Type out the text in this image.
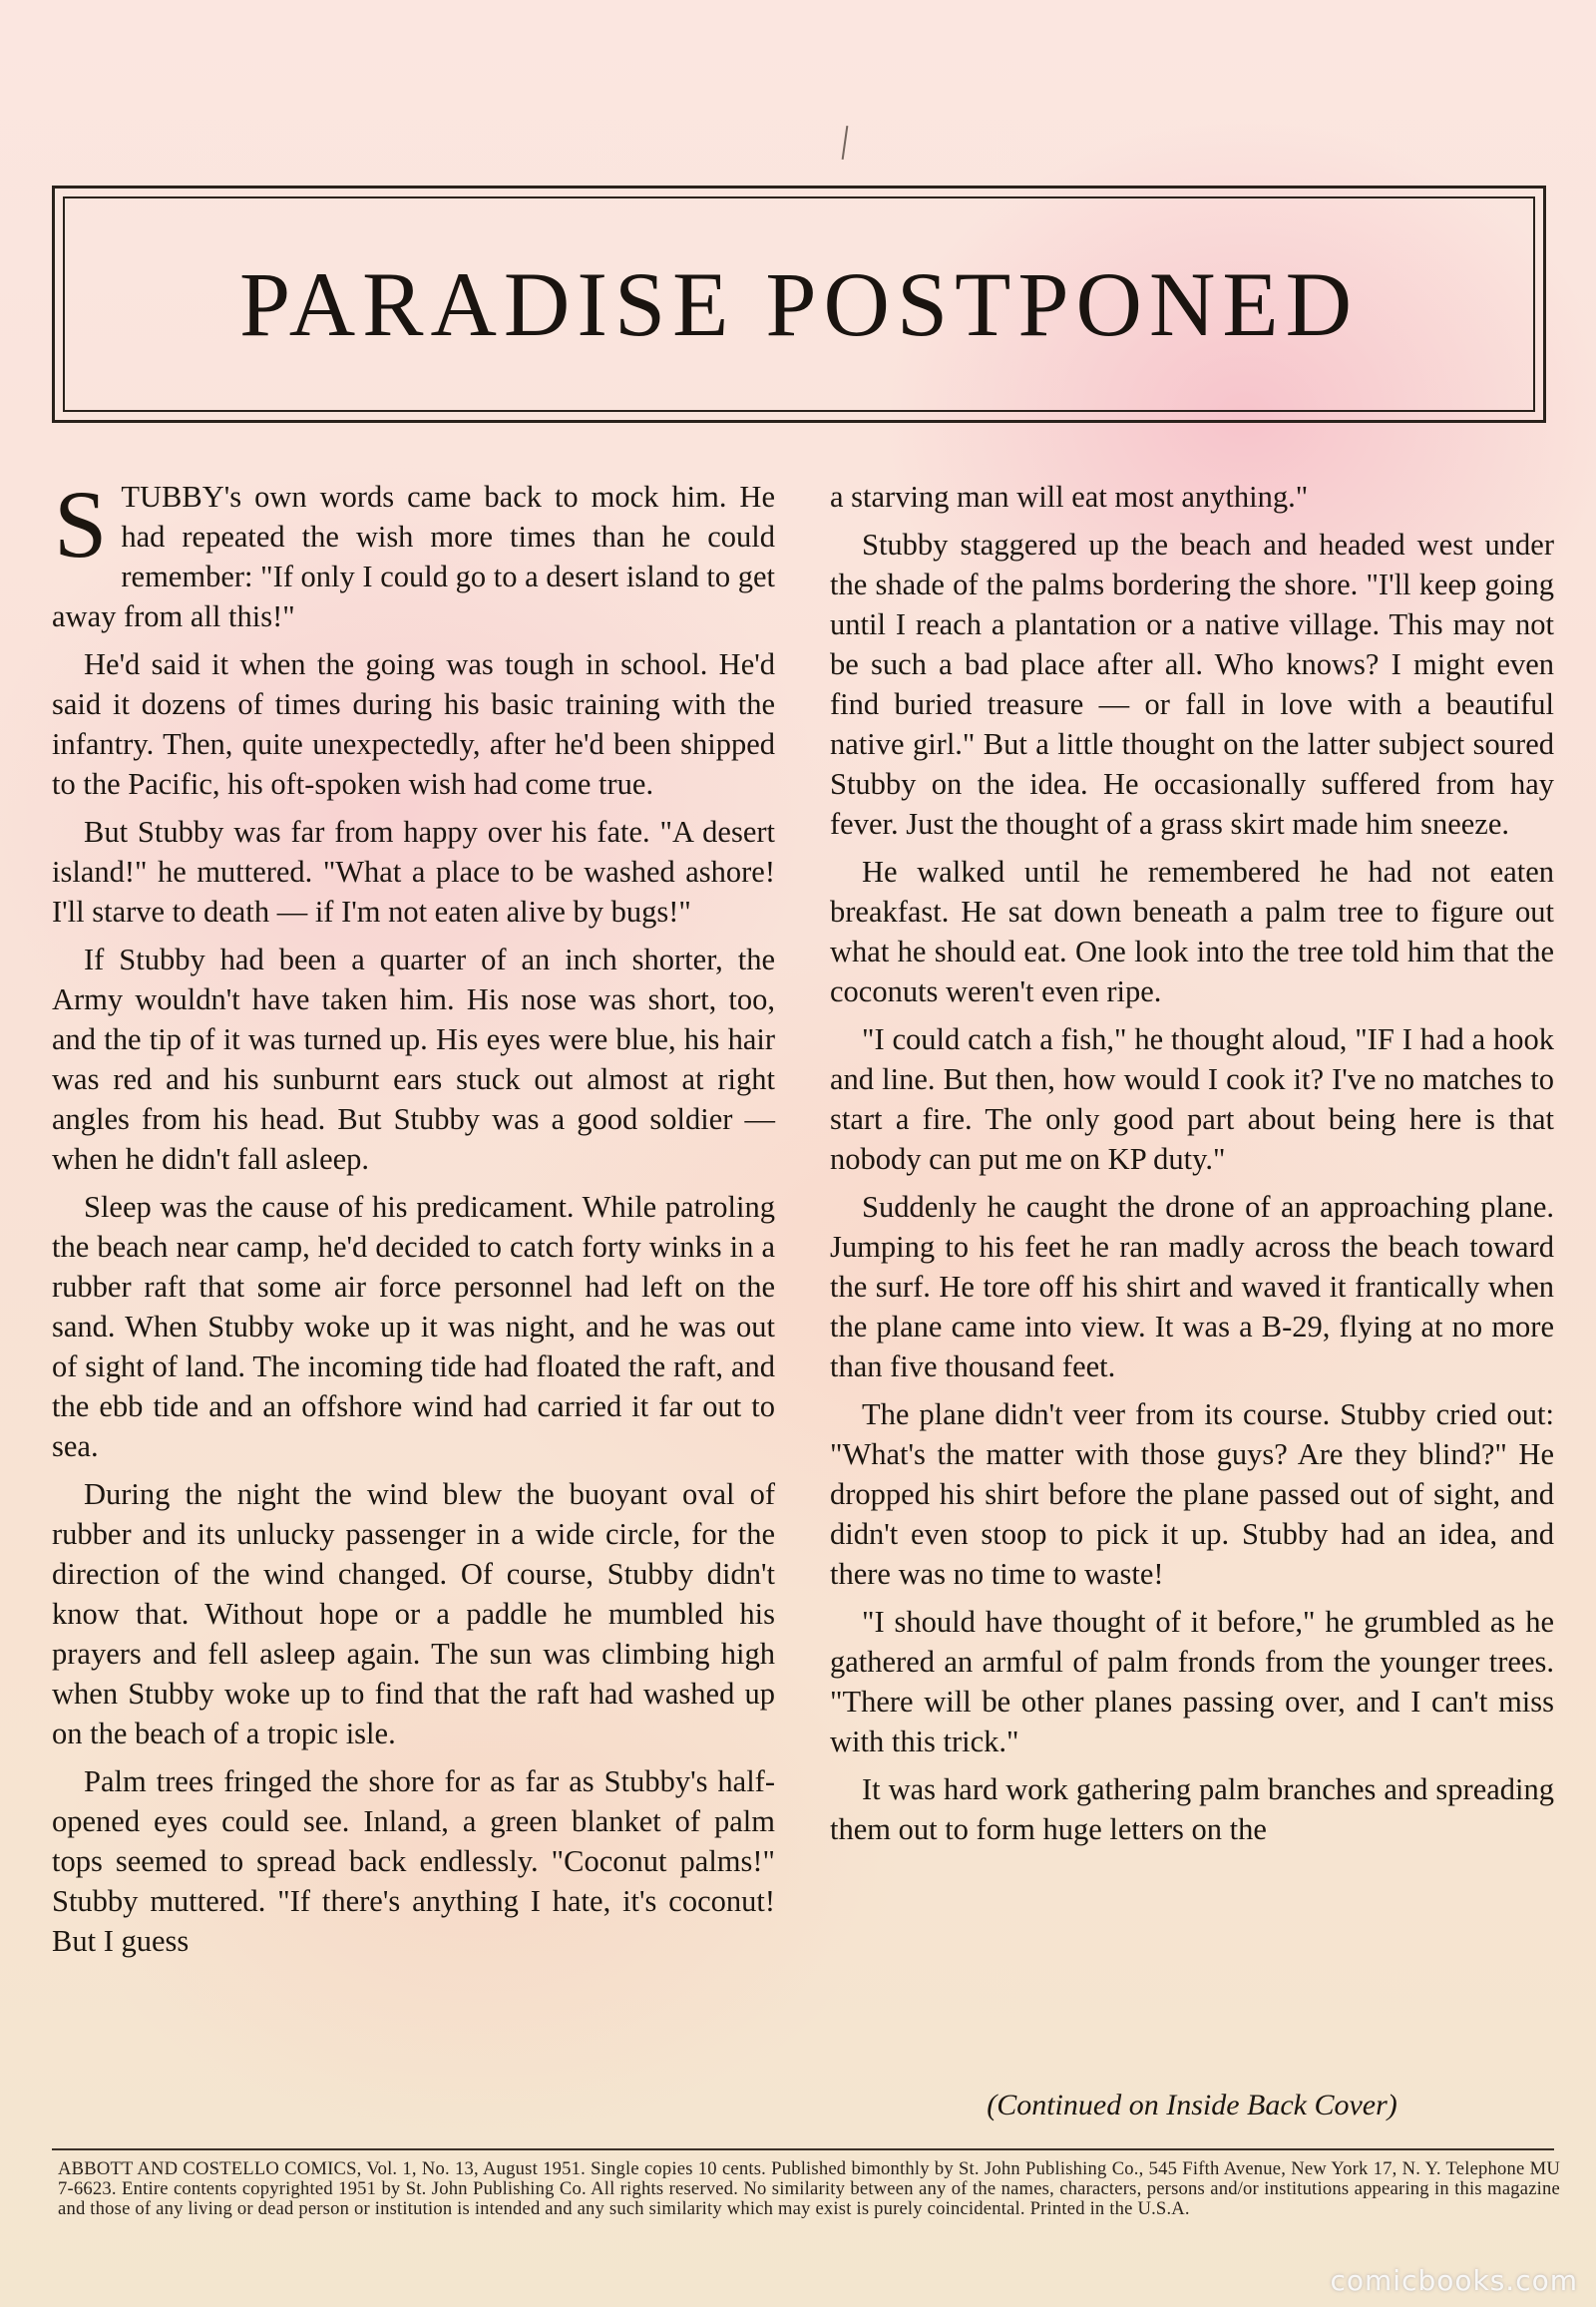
PARADISE POSTPONED

STUBBY's own words came back to mock him. He had repeated the wish more times than he could remember: "If only I could go to a desert island to get away from all this!"

He'd said it when the going was tough in school. He'd said it dozens of times during his basic training with the infantry. Then, quite unexpectedly, after he'd been shipped to the Pacific, his oft-spoken wish had come true.

But Stubby was far from happy over his fate. "A desert island!" he muttered. "What a place to be washed ashore! I'll starve to death — if I'm not eaten alive by bugs!"

If Stubby had been a quarter of an inch shorter, the Army wouldn't have taken him. His nose was short, too, and the tip of it was turned up. His eyes were blue, his hair was red and his sunburnt ears stuck out almost at right angles from his head. But Stubby was a good soldier — when he didn't fall asleep.

Sleep was the cause of his predicament. While patroling the beach near camp, he'd decided to catch forty winks in a rubber raft that some air force personnel had left on the sand. When Stubby woke up it was night, and he was out of sight of land. The incoming tide had floated the raft, and the ebb tide and an offshore wind had carried it far out to sea.

During the night the wind blew the buoyant oval of rubber and its unlucky passenger in a wide circle, for the direction of the wind changed. Of course, Stubby didn't know that. Without hope or a paddle he mumbled his prayers and fell asleep again. The sun was climbing high when Stubby woke up to find that the raft had washed up on the beach of a tropic isle.

Palm trees fringed the shore for as far as Stubby's half-opened eyes could see. Inland, a green blanket of palm tops seemed to spread back endlessly. "Coconut palms!" Stubby muttered. "If there's anything I hate, it's coconut! But I guess

a starving man will eat most anything."

Stubby staggered up the beach and headed west under the shade of the palms bordering the shore. "I'll keep going until I reach a plantation or a native village. This may not be such a bad place after all. Who knows? I might even find buried treasure — or fall in love with a beautiful native girl." But a little thought on the latter subject soured Stubby on the idea. He occasionally suffered from hay fever. Just the thought of a grass skirt made him sneeze.

He walked until he remembered he had not eaten breakfast. He sat down beneath a palm tree to figure out what he should eat. One look into the tree told him that the coconuts weren't even ripe.

"I could catch a fish," he thought aloud, "IF I had a hook and line. But then, how would I cook it? I've no matches to start a fire. The only good part about being here is that nobody can put me on KP duty."

Suddenly he caught the drone of an approaching plane. Jumping to his feet he ran madly across the beach toward the surf. He tore off his shirt and waved it frantically when the plane came into view. It was a B-29, flying at no more than five thousand feet.

The plane didn't veer from its course. Stubby cried out: "What's the matter with those guys? Are they blind?" He dropped his shirt before the plane passed out of sight, and didn't even stoop to pick it up. Stubby had an idea, and there was no time to waste!

"I should have thought of it before," he grumbled as he gathered an armful of palm fronds from the younger trees. "There will be other planes passing over, and I can't miss with this trick."

It was hard work gathering palm branches and spreading them out to form huge letters on the

(Continued on Inside Back Cover)
ABBOTT AND COSTELLO COMICS, Vol. 1, No. 13, August 1951. Single copies 10 cents. Published bimonthly by St. John Publishing Co., 545 Fifth Avenue, New York 17, N. Y. Telephone MU 7-6623. Entire contents copyrighted 1951 by St. John Publishing Co. All rights reserved. No similarity between any of the names, characters, persons and/or institutions appearing in this magazine and those of any living or dead person or institution is intended and any such similarity which may exist is purely coincidental. Printed in the U.S.A.
comicbooks.com
